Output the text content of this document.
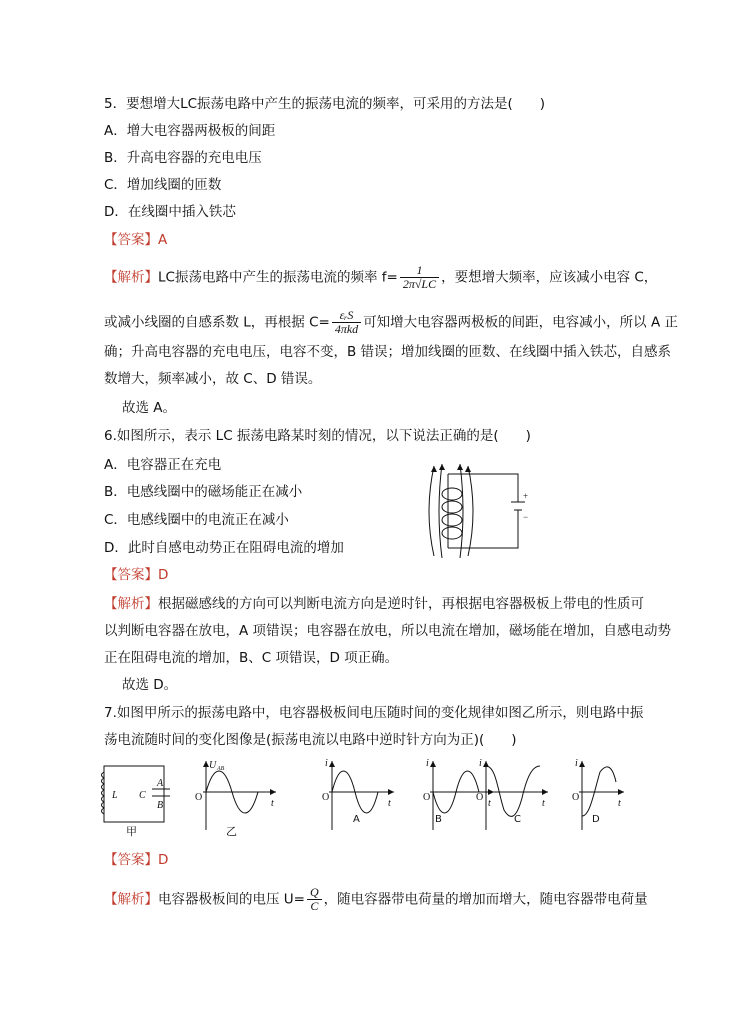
5．要想增大LC振荡电路中产生的振荡电流的频率，可采用的方法是(　　)
A．增大电容器两极板的间距
B．升高电容器的充电电压
C．增加线圈的匝数
D．在线圈中插入铁芯
【答案】A
【解析】LC振荡电路中产生的振荡电流的频率 $f= \frac{1}{2\pi√LC}$ ，要想增大频率，应该减小电容 C，
或减小线圈的自感系数 L，再根据 $C= \frac{\text{εᵣS}}{\text{4πkd}}$ 可知增大电容器两极板的间距，电容减小，所以 A 正
确；升高电容器的充电电压，电容不变，B 错误；增加线圈的匝数、在线圈中插入铁芯，自感系
数增大，频率减小，故 C、D 错误。
故选 A。
6.如图所示，表示 LC 振荡电路某时刻的情况，以下说法正确的是(　　)
A．电容器正在充电
B．电感线圈中的磁场能正在减小
C．电感线圈中的电流正在减小
D．此时自感电动势正在阻碍电流的增加
+
−
【答案】D
【解析】根据磁感线的方向可以判断电流方向是逆时针，再根据电容器极板上带电的性质可
以判断电容器在放电，A 项错误；电容器在放电，所以电流在增加，磁场能在增加，自感电动势
正在阻碍电流的增加，B、C 项错误，D 项正确。
故选 D。
7.如图甲所示的振荡电路中，电容器极板间电压随时间的变化规律如图乙所示，则电路中振
荡电流随时间的变化图像是(振荡电流以电路中逆时针方向为正)(　　)
L C
A
B
U
O
t
i
O
t
i
O
t
i
O
t
i
O
t
AB
甲	乙
A	B	C	D
【答案】D
【解析】电容器极板间的电压 $U= \frac{Q}{C}$ ，随电容器带电荷量的增加而增大，随电容器带电荷量
